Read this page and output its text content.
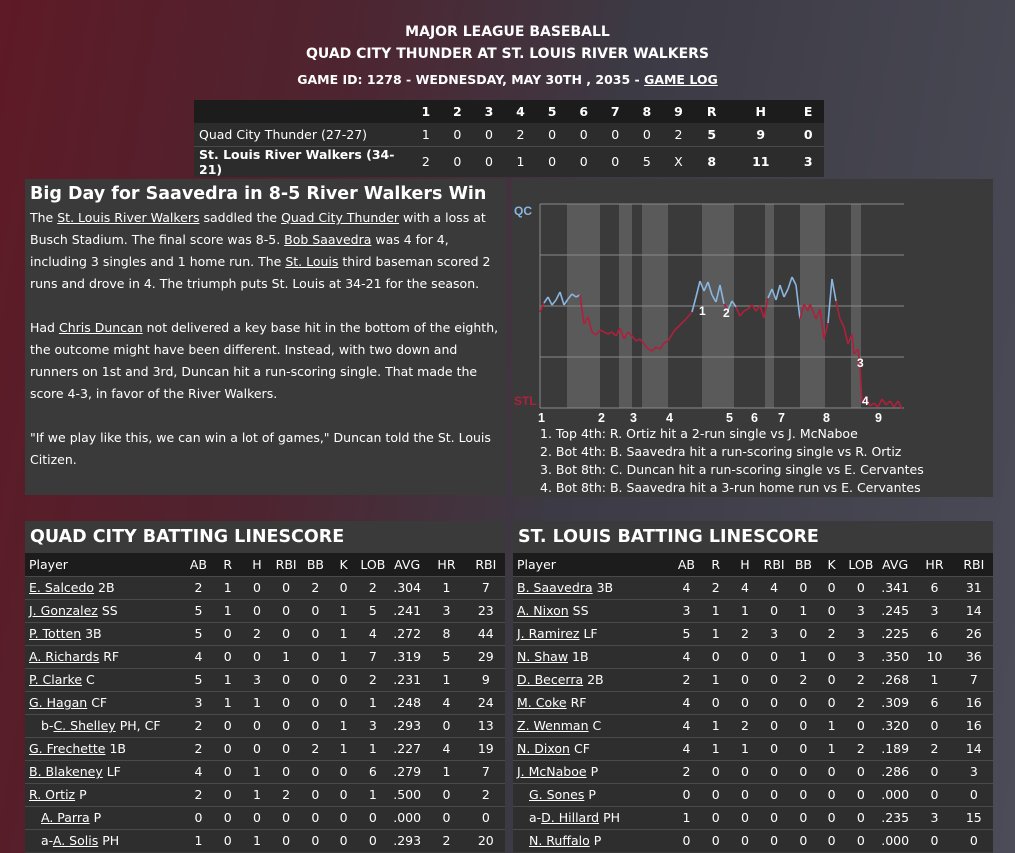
MAJOR LEAGUE BASEBALL
QUAD CITY THUNDER AT ST. LOUIS RIVER WALKERS
GAME ID: 1278 - WEDNESDAY, MAY 30TH , 2035 - GAME LOG
	1	2	3	4	5	6	7	8	9	R	H	E
Quad City Thunder (27-27)	1	0	0	2	0	0	0	0	2	5	9	0
St. Louis River Walkers (34-21)	2	0	0	1	0	0	0	5	X	8	11	3
Big Day for Saavedra in 8-5 River Walkers Win

The St. Louis River Walkers saddled the Quad City Thunder with a loss at Busch Stadium. The final score was 8-5. Bob Saavedra was 4 for 4, including 3 singles and 1 home run. The St. Louis third baseman scored 2 runs and drove in 4. The triumph puts St. Louis at 34-21 for the season.

Had Chris Duncan not delivered a key base hit in the bottom of the eighth, the outcome might have been different. Instead, with two down and runners on 1st and 3rd, Duncan hit a run-scoring single. That made the score 4-3, in favor of the River Walkers.

"If we play like this, we can win a lot of games," Duncan told the St. Louis Citizen.

QC
STL
1 2
3
4
1	2 3 4	5 6 7	8	9
1. Top 4th: R. Ortiz hit a 2-run single vs J. McNaboe
2. Bot 4th: B. Saavedra hit a run-scoring single vs R. Ortiz
3. Bot 8th: C. Duncan hit a run-scoring single vs E. Cervantes
4. Bot 8th: B. Saavedra hit a 3-run home run vs E. Cervantes
QUAD CITY BATTING LINESCORE
Player	AB	R	H	RBI	BB	K	LOB	AVG	HR	RBI
E. Salcedo 2B	2	1	0	0	2	0	2	.304	1	7
J. Gonzalez SS	5	1	0	0	0	1	5	.241	3	23
P. Totten 3B	5	0	2	0	0	1	4	.272	8	44
A. Richards RF	4	0	0	1	0	1	7	.319	5	29
P. Clarke C	5	1	3	0	0	0	2	.231	1	9
G. Hagan CF	3	1	1	0	0	0	1	.248	4	24
b-C. Shelley PH, CF	2	0	0	0	0	1	3	.293	0	13
G. Frechette 1B	2	0	0	0	2	1	1	.227	4	19
B. Blakeney LF	4	0	1	0	0	0	6	.279	1	7
R. Ortiz P	2	0	1	2	0	0	1	.500	0	2
A. Parra P	0	0	0	0	0	0	0	.000	0	0
a-A. Solis PH	1	0	1	0	0	0	0	.293	2	20
ST. LOUIS BATTING LINESCORE
Player	AB	R	H	RBI	BB	K	LOB	AVG	HR	RBI
B. Saavedra 3B	4	2	4	4	0	0	0	.341	6	31
A. Nixon SS	3	1	1	0	1	0	3	.245	3	14
J. Ramirez LF	5	1	2	3	0	2	3	.225	6	26
N. Shaw 1B	4	0	0	0	1	0	3	.350	10	36
D. Becerra 2B	2	1	0	0	2	0	2	.268	1	7
M. Coke RF	4	0	0	0	0	0	2	.309	6	16
Z. Wenman C	4	1	2	0	0	1	0	.320	0	16
N. Dixon CF	4	1	1	0	0	1	2	.189	2	14
J. McNaboe P	2	0	0	0	0	0	0	.286	0	3
G. Sones P	0	0	0	0	0	0	0	.000	0	0
a-D. Hillard PH	1	0	0	0	0	0	0	.235	3	15
N. Ruffalo P	0	0	0	0	0	0	0	.000	0	0
